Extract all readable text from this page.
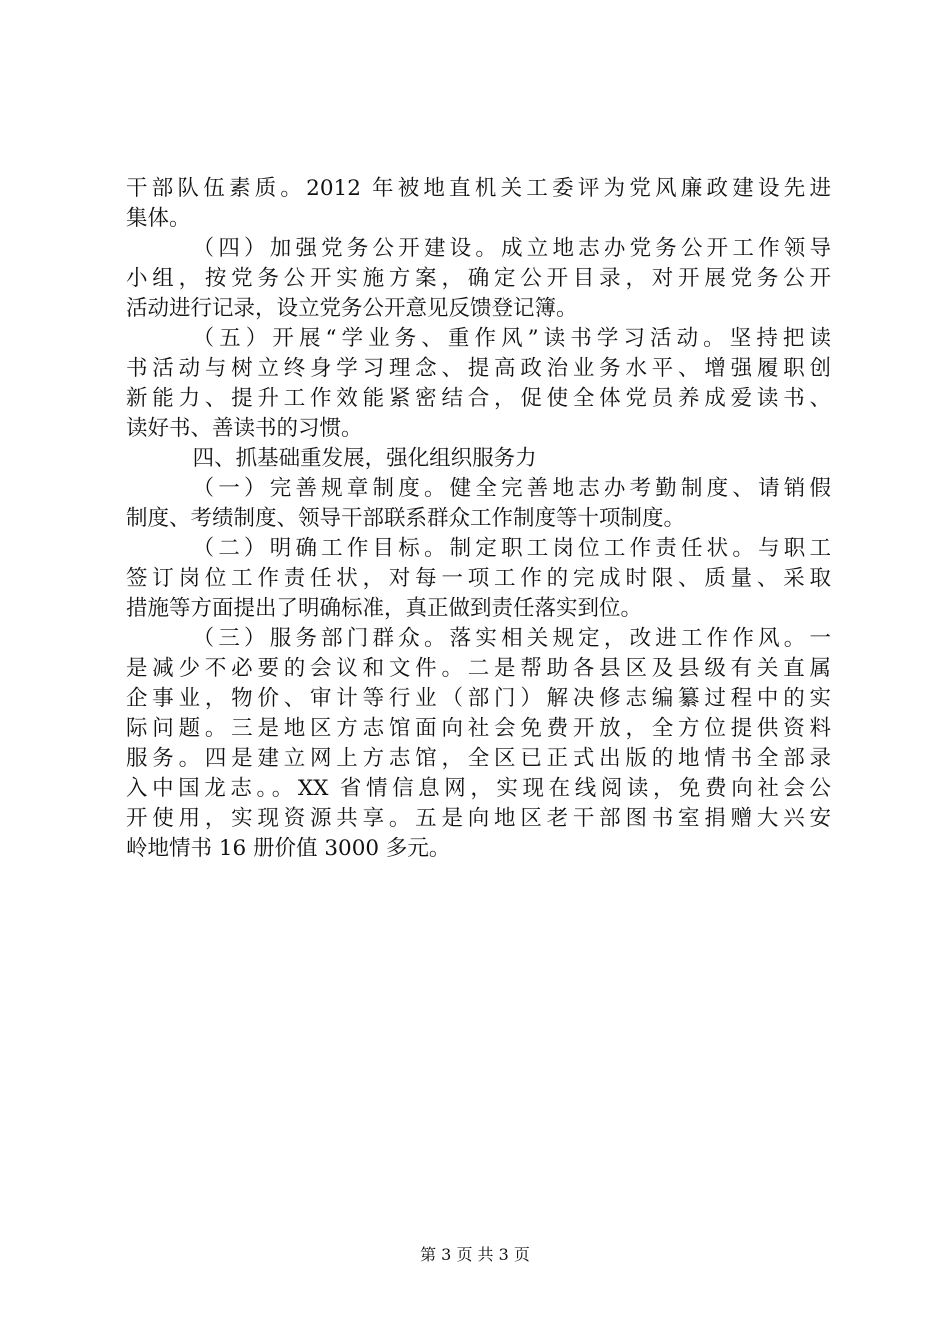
干部队伍素质。2012 年被地直机关工委评为党风廉政建设先进
集体。
（四）加强党务公开建设。成立地志办党务公开工作领导
小组，按党务公开实施方案，确定公开目录，对开展党务公开
活动进行记录，设立党务公开意见反馈登记簿。
（五）开展“学业务、重作风”读书学习活动。坚持把读
书活动与树立终身学习理念、提高政治业务水平、增强履职创
新能力、提升工作效能紧密结合，促使全体党员养成爱读书、
读好书、善读书的习惯。
四、抓基础重发展，强化组织服务力
（一）完善规章制度。健全完善地志办考勤制度、请销假
制度、考绩制度、领导干部联系群众工作制度等十项制度。
（二）明确工作目标。制定职工岗位工作责任状。与职工
签订岗位工作责任状，对每一项工作的完成时限、质量、采取
措施等方面提出了明确标准，真正做到责任落实到位。
（三）服务部门群众。落实相关规定，改进工作作风。一
是减少不必要的会议和文件。二是帮助各县区及县级有关直属
企事业，物价、审计等行业（部门）解决修志编纂过程中的实
际问题。三是地区方志馆面向社会免费开放，全方位提供资料
服务。四是建立网上方志馆，全区已正式出版的地情书全部录
入中国龙志。。XX 省情信息网，实现在线阅读，免费向社会公
开使用，实现资源共享。五是向地区老干部图书室捐赠大兴安
岭地情书 16 册价值 3000 多元。
第 3 页 共 3 页
